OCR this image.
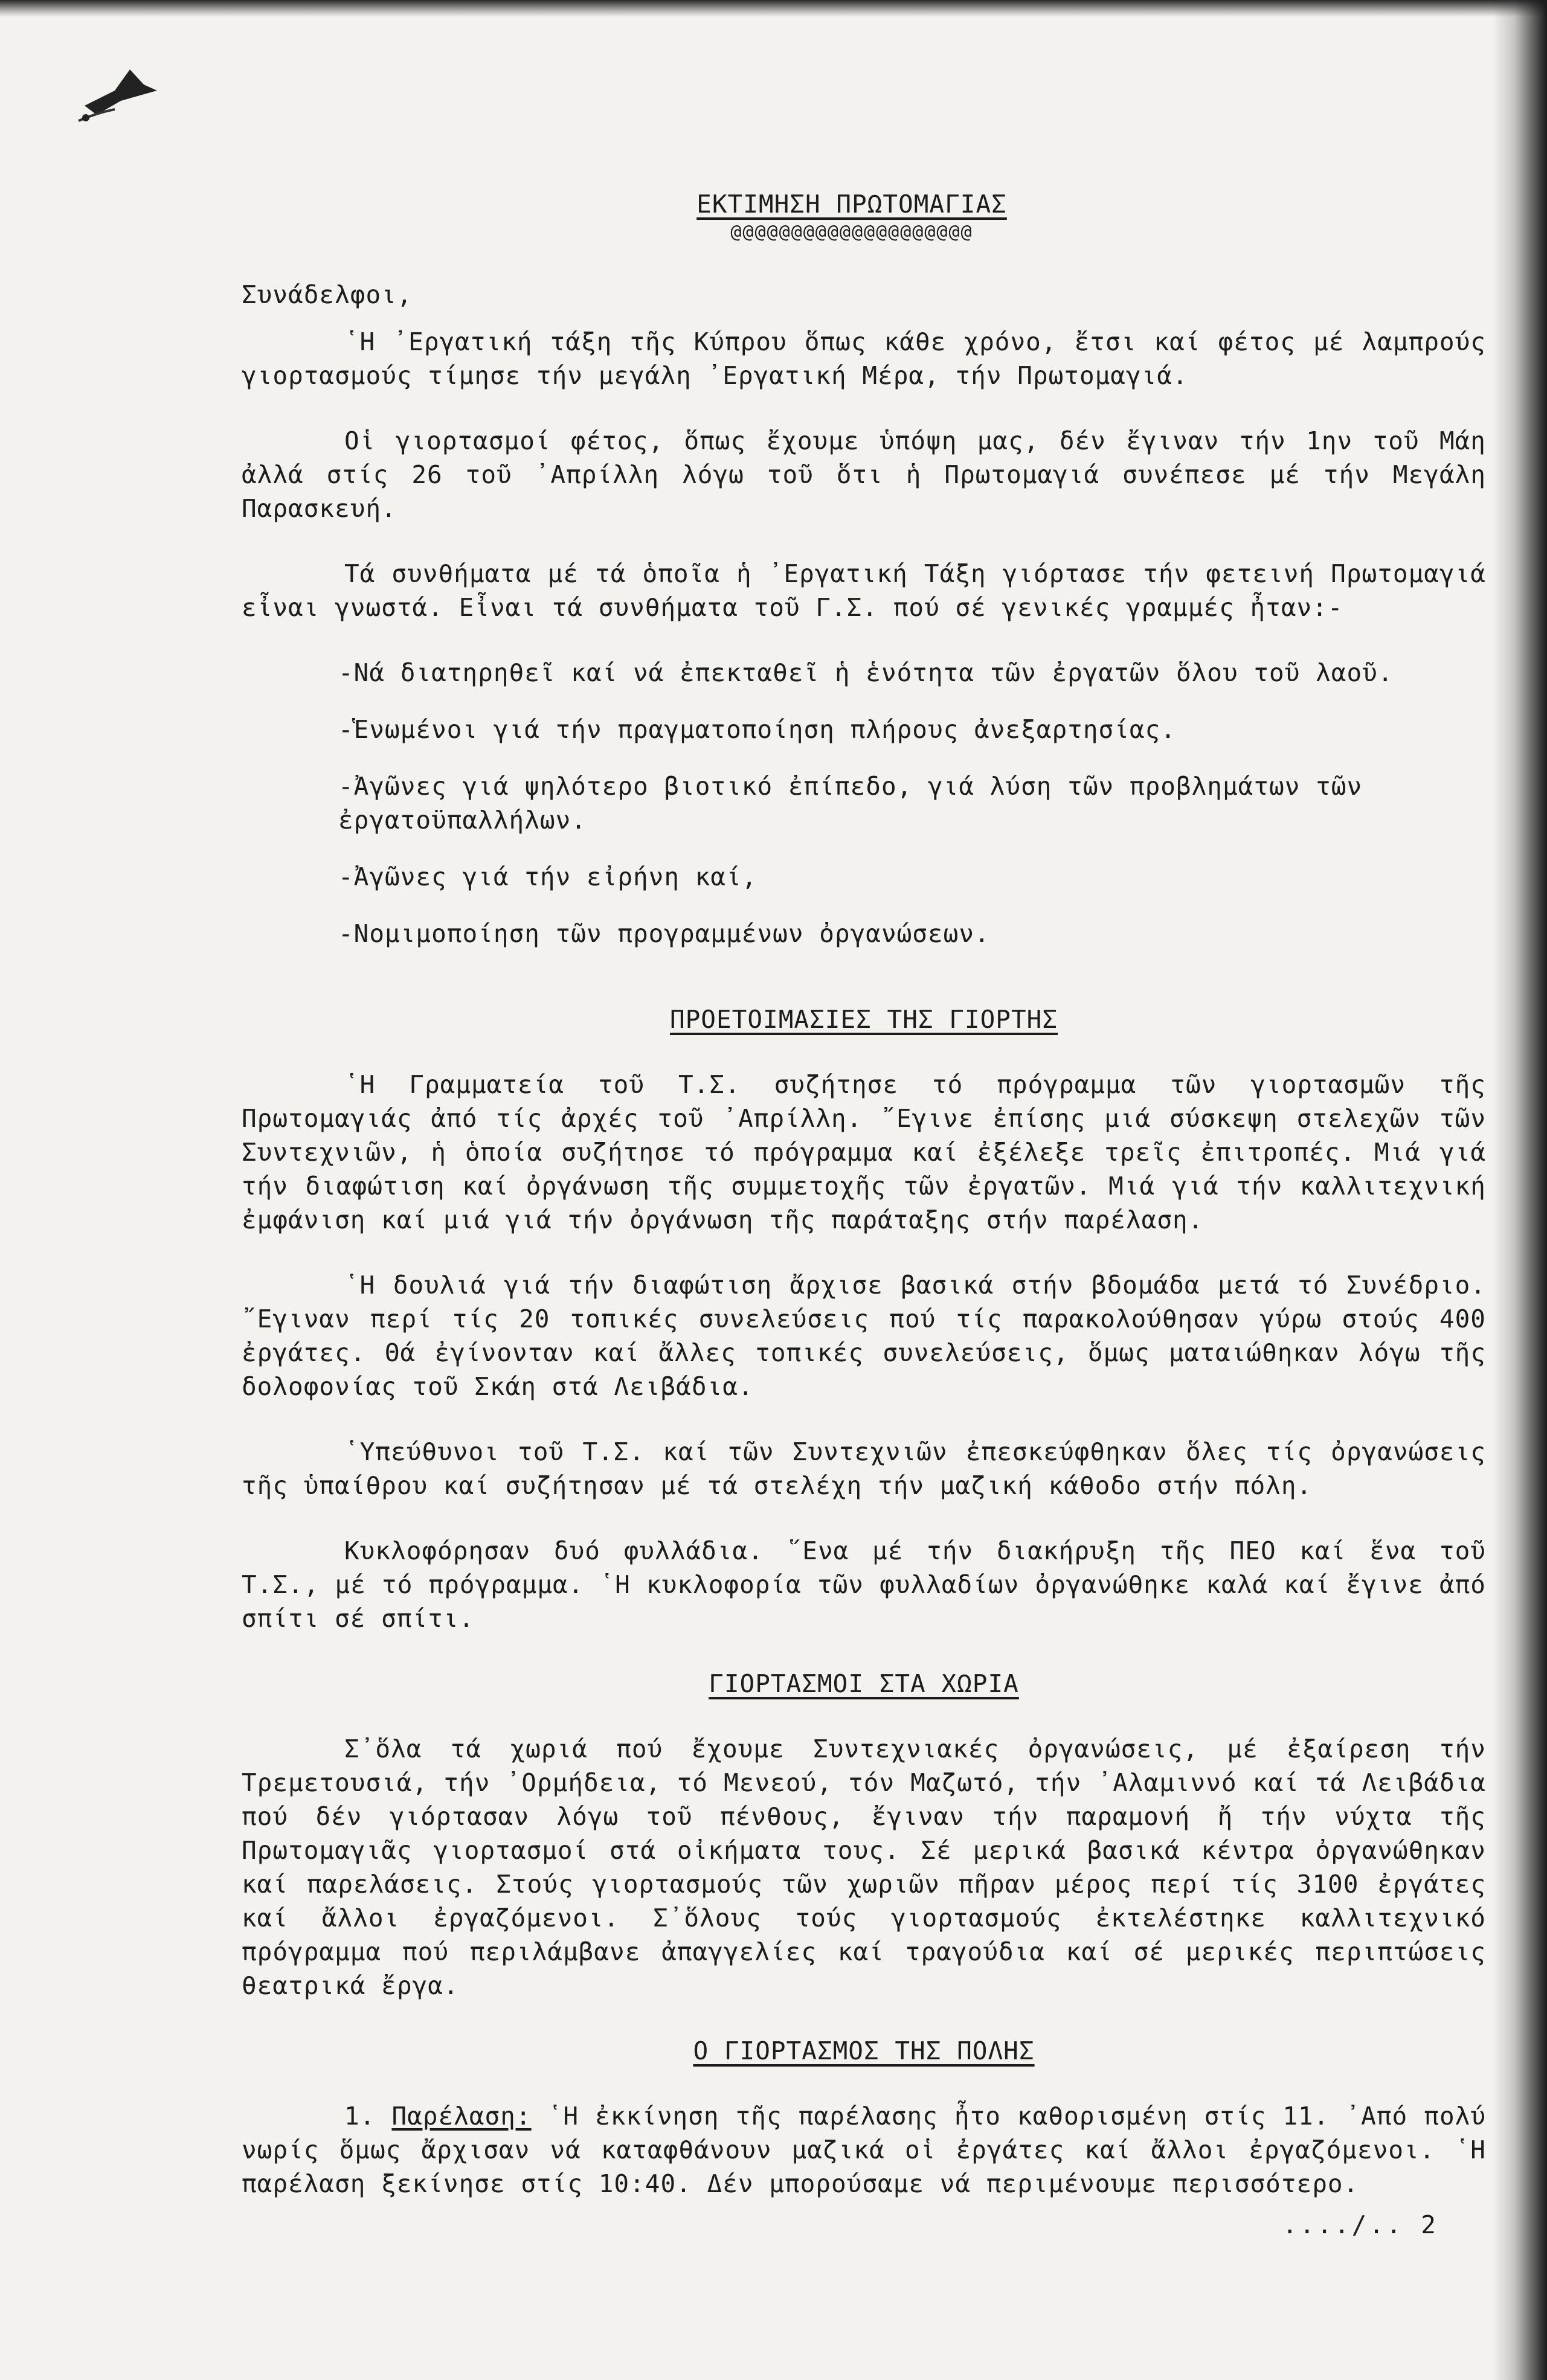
ΕΚΤΙΜΗΣΗ ΠΡΩΤΟΜΑΓΙΑΣ
@@@@@@@@@@@@@@@@@@@@
Συνάδελφοι,

῾Η ᾽Εργατική τάξη τῆς Κύπρου ὅπως κάθε χρόνο, ἔτσι καί φέτος μέ λαμπρούς γιορτασμούς τίμησε τήν μεγάλη ᾽Εργατική Μέρα, τήν Πρωτομαγιά.

Οἱ γιορτασμοί φέτος, ὅπως ἔχουμε ὑπόψη μας, δέν ἔγιναν τήν 1ην τοῦ Μάη ἀλλά στίς 26 τοῦ ᾽Απρίλλη λόγω τοῦ ὅτι ἡ Πρωτομαγιά συνέπεσε μέ τήν Μεγάλη Παρασκευή.

Τά συνθήματα μέ τά ὁποῖα ἡ ᾽Εργατική Τάξη γιόρτασε τήν φετεινή Πρωτομαγιά εἶναι γνωστά. Εἶναι τά συνθήματα τοῦ Γ.Σ. πού σέ γενικές γραμμές ἦταν:-

-Νά διατηρηθεῖ καί νά ἐπεκταθεῖ ἡ ἑνότητα τῶν ἐργατῶν ὅλου τοῦ λαοῦ.
-Ἑνωμένοι γιά τήν πραγματοποίηση πλήρους ἀνεξαρτησίας.
-Ἀγῶνες γιά ψηλότερο βιοτικό ἐπίπεδο, γιά λύση τῶν προβλημάτων τῶν ἐργατοϋπαλλήλων.
-Ἀγῶνες γιά τήν εἰρήνη καί,
-Νομιμοποίηση τῶν προγραμμένων ὀργανώσεων.
ΠΡΟΕΤΟΙΜΑΣΙΕΣ ΤΗΣ ΓΙΟΡΤΗΣ

῾Η Γραμματεία τοῦ Τ.Σ. συζήτησε τό πρόγραμμα τῶν γιορτασμῶν τῆς Πρωτομαγιάς ἀπό τίς ἀρχές τοῦ ᾽Απρίλλη. ῎Εγινε ἐπίσης μιά σύσκεψη στελεχῶν τῶν Συντεχνιῶν, ἡ ὁποία συζήτησε τό πρόγραμμα καί ἐξέλεξε τρεῖς ἐπιτροπές. Μιά γιά τήν διαφώτιση καί ὀργάνωση τῆς συμμετοχῆς τῶν ἐργατῶν. Μιά γιά τήν καλλιτεχνική ἐμφάνιση καί μιά γιά τήν ὀργάνωση τῆς παράταξης στήν παρέλαση.

῾Η δουλιά γιά τήν διαφώτιση ἄρχισε βασικά στήν βδομάδα μετά τό Συνέδριο. ῎Εγιναν περί τίς 20 τοπικές συνελεύσεις πού τίς παρακολούθησαν γύρω στούς 400 ἐργάτες. Θά ἐγίνονταν καί ἄλλες τοπικές συνελεύσεις, ὅμως ματαιώθηκαν λόγω τῆς δολοφονίας τοῦ Σκάη στά Λειβάδια.

῾Υπεύθυνοι τοῦ Τ.Σ. καί τῶν Συντεχνιῶν ἐπεσκεύφθηκαν ὅλες τίς ὀργανώσεις τῆς ὑπαίθρου καί συζήτησαν μέ τά στελέχη τήν μαζική κάθοδο στήν πόλη.

Κυκλοφόρησαν δυό φυλλάδια. ῞Ενα μέ τήν διακήρυξη τῆς ΠΕΟ καί ἕνα τοῦ Τ.Σ., μέ τό πρόγραμμα. ῾Η κυκλοφορία τῶν φυλλαδίων ὀργανώθηκε καλά καί ἔγινε ἀπό σπίτι σέ σπίτι.

ΓΙΟΡΤΑΣΜΟΙ ΣΤΑ ΧΩΡΙΑ

Σ᾽ὅλα τά χωριά πού ἔχουμε Συντεχνιακές ὀργανώσεις, μέ ἐξαίρεση τήν Τρεμετουσιά, τήν ᾽Ορμήδεια, τό Μενεού, τόν Μαζωτό, τήν ᾽Αλαμιννό καί τά Λειβάδια πού δέν γιόρτασαν λόγω τοῦ πένθους, ἔγιναν τήν παραμονή ἤ τήν νύχτα τῆς Πρωτομαγιᾶς γιορτασμοί στά οἰκήματα τους. Σέ μερικά βασικά κέντρα ὀργανώθηκαν καί παρελάσεις. Στούς γιορτασμούς τῶν χωριῶν πῆραν μέρος περί τίς 3100 ἐργάτες καί ἄλλοι ἐργαζόμενοι. Σ᾽ὅλους τούς γιορτασμούς ἐκτελέστηκε καλλιτεχνικό πρόγραμμα πού περιλάμβανε ἀπαγγελίες καί τραγούδια καί σέ μερικές περιπτώσεις θεατρικά ἔργα.

Ο ΓΙΟΡΤΑΣΜΟΣ ΤΗΣ ΠΟΛΗΣ

1. Παρέλαση: ῾Η ἐκκίνηση τῆς παρέλασης ἦτο καθορισμένη στίς 11. ᾽Από πολύ νωρίς ὅμως ἄρχισαν νά καταφθάνουν μαζικά οἱ ἐργάτες καί ἄλλοι ἐργαζόμενοι. ῾Η παρέλαση ξεκίνησε στίς 10:40. Δέν μπορούσαμε νά περιμένουμε περισσότερο.

..../.. 2
